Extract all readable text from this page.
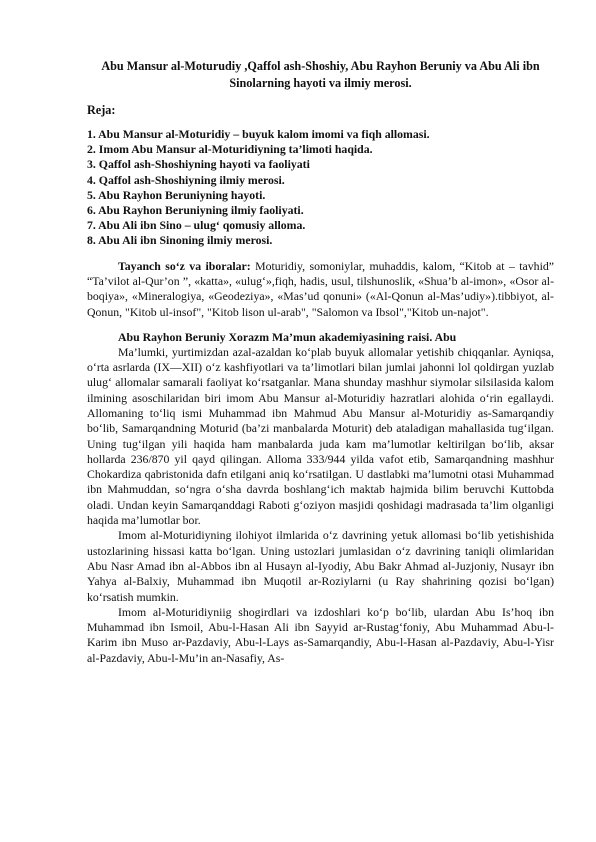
Abu Mansur al-Moturudiy ,Qaffol ash-Shoshiy, Abu Rayhon Beruniy va Abu Ali ibn Sinolarning hayoti va ilmiy merosi.
Reja:
1. Abu Mansur al-Moturidiy – buyuk kalom imomi va fiqh allomasi.
2. Imom Abu Mansur al-Moturidiyning ta’limoti haqida.
3. Qaffol ash-Shoshiyning hayoti va faoliyati
4. Qaffol ash-Shoshiyning ilmiy merosi.
5. Abu Rayhon Beruniyning hayoti.
6. Abu Rayhon Beruniyning ilmiy faoliyati.
7. Abu Ali ibn Sino – ulug‘ qomusiy alloma.
8. Abu Ali ibn Sinoning ilmiy merosi.

Tayanch so‘z va iboralar: Moturidiy, somoniylar, muhaddis, kalom, “Kitob at – tavhid” “Ta’vilot al-Qur’on ”, «katta», «ulug‘»,fiqh, hadis, usul, tilshunoslik, «Shua’b al-imon», «Osor al-boqiya», «Mineralogiya, «Geodeziya», «Mas’ud qonuni» («Al-Qonun al-Mas’udiy»).tibbiyot, al-Qonun, "Kitob ul-insof", "Kitob lison ul-arab", "Salomon va Ibsol","Kitob un-najot".

Abu Rayhon Beruniy Xorazm Ma’mun akademiyasining raisi. Abu

Ma’lumki, yurtimizdan azal-azaldan ko‘plab buyuk allomalar yetishib chiqqanlar. Ayniqsa, o‘rta asrlarda (IX—XII) o‘z kashfiyotlari va ta’limotlari bilan jumlai jahonni lol qoldirgan yuzlab ulug‘ allomalar samarali faoliyat ko‘rsatganlar. Mana shunday mashhur siymolar silsilasida kalom ilmining asoschilaridan biri imom Abu Mansur al-Moturidiy hazratlari alohida o‘rin egallaydi. Allomaning to‘liq ismi Muhammad ibn Mahmud Abu Mansur al-Moturidiy as-Samarqandiy bo‘lib, Samarqandning Moturid (ba’zi manbalarda Moturit) deb ataladigan mahallasida tug‘ilgan. Uning tug‘ilgan yili haqida ham manbalarda juda kam ma’lumotlar keltirilgan bo‘lib, aksar hollarda 236/870 yil qayd qilingan. Alloma 333/944 yilda vafot etib, Samarqandning mashhur Chokardiza qabristonida dafn etilgani aniq ko‘rsatilgan. U dastlabki ma’lumotni otasi Muhammad ibn Mahmuddan, so‘ngra o‘sha davrda boshlang‘ich maktab hajmida bilim beruvchi Kuttobda oladi. Undan keyin Samarqanddagi Raboti g‘oziyon masjidi qoshidagi madrasada ta’lim olganligi haqida ma’lumotlar bor.

Imom al-Moturidiyning ilohiyot ilmlarida o‘z davrining yetuk allomasi bo‘lib yetishishida ustozlarining hissasi katta bo‘lgan. Uning ustozlari jumlasidan o‘z davrining taniqli olimlaridan Abu Nasr Amad ibn al-Abbos ibn al Husayn al-Iyodiy, Abu Bakr Ahmad al-Juzjoniy, Nusayr ibn Yahya al-Balxiy, Muhammad ibn Muqotil ar-Roziylarni (u Ray shahrining qozisi bo‘lgan) ko‘rsatish mumkin.

Imom al-Moturidiyniig shogirdlari va izdoshlari ko‘p bo‘lib, ulardan Abu Is’hoq ibn Muhammad ibn Ismoil, Abu-l-Hasan Ali ibn Sayyid ar-Rustag‘foniy, Abu Muhammad Abu-l-Karim ibn Muso ar-Pazdaviy, Abu-l-Lays as-Samarqandiy, Abu-l-Hasan al-Pazdaviy, Abu-l-Yisr al-Pazdaviy, Abu-l-Mu’in an-Nasafiy, As-
